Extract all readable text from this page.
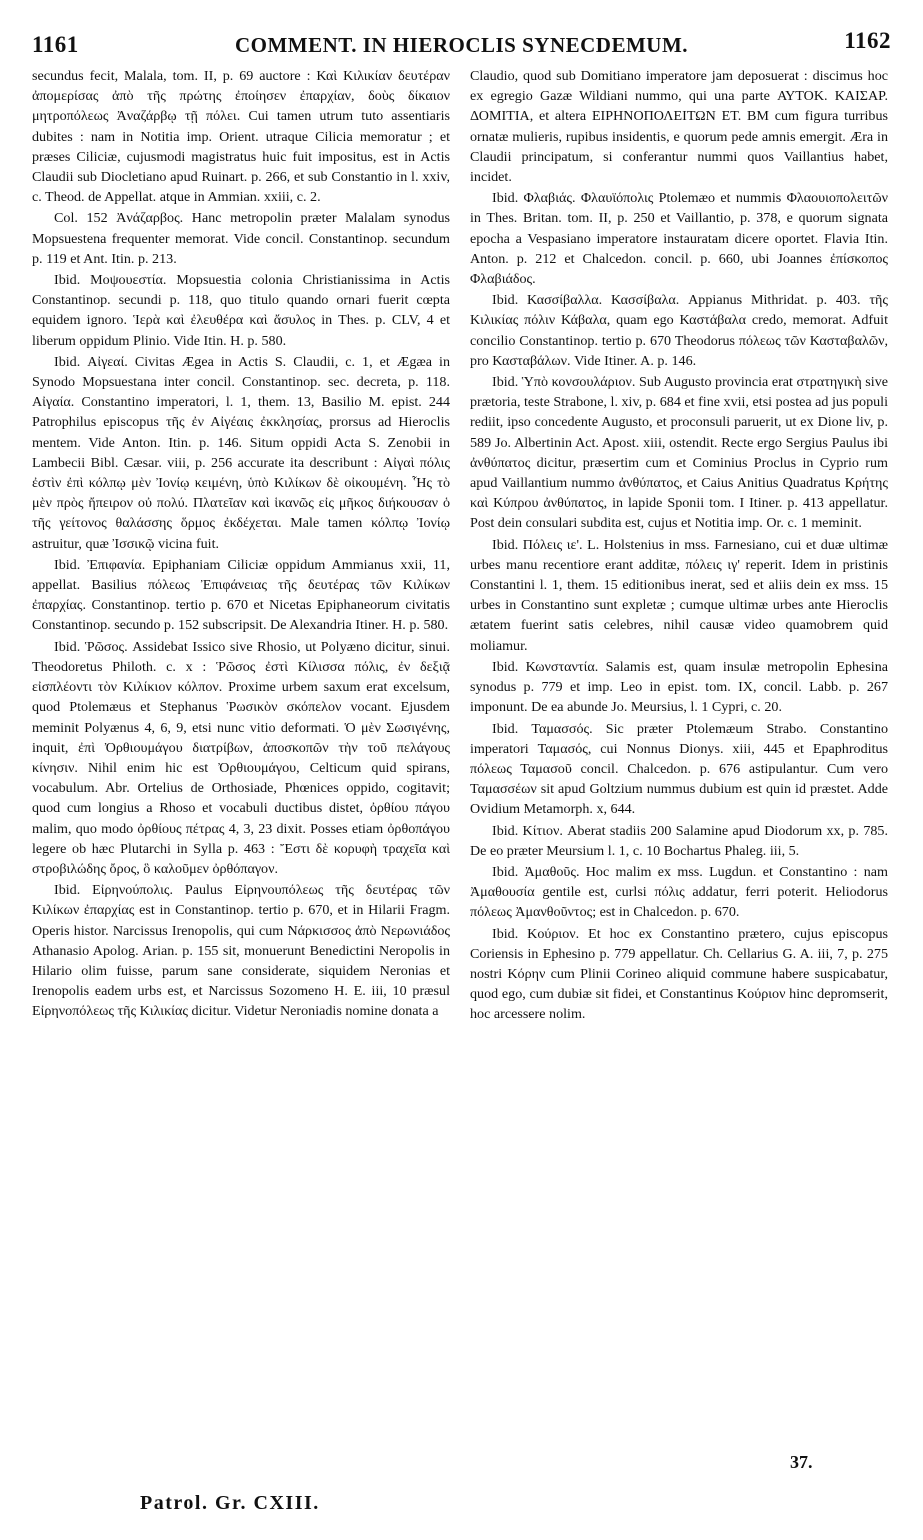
1161	COMMENT. IN HIEROCLIS SYNECDEMUM.	1162

secundus fecit, Malala, tom. II, p. 69 auctore : Καὶ Κιλικίαν δευτέραν ἀπομερίσας ἀπὸ τῆς πρώτης ἐποίησεν ἐπαρχίαν, δοὺς δίκαιον μητροπόλεως Ἀναζάρβῳ τῇ πόλει. Cui tamen utrum tuto assentiaris dubites : nam in Notitia imp. Orient. utraque Cilicia memoratur ; et præses Ciliciæ, cujusmodi magistratus huic fuit impositus, est in Actis Claudii sub Diocletiano apud Ruinart. p. 266, et sub Constantio in l. xxiv, c. Theod. de Appellat. atque in Ammian. xxiii, c. 2.

Col. 152 Ἀνάζαρβος. Hanc metropolin præter Malalam synodus Mopsuestena frequenter memorat. Vide concil. Constantinop. secundum p. 119 et Ant. Itin. p. 213.

Ibid. Μοψουεστία. Mopsuestia colonia Christianissima in Actis Constantinop. secundi p. 118, quo titulo quando ornari fuerit cœpta equidem ignoro. Ἱερὰ καὶ ἐλευθέρα καὶ ἄσυλος in Thes. p. CLV, 4 et liberum oppidum Plinio. Vide Itin. H. p. 580.

Ibid. Αἰγεαί. Civitas Ægea in Actis S. Claudii, c. 1, et Ægæa in Synodo Mopsuestana inter concil. Constantinop. sec. decreta, p. 118. Αἰγαία. Constantino imperatori, l. 1, them. 13, Basilio M. epist. 244 Patrophilus episcopus τῆς ἐν Αἰγέαις ἐκκλησίας, prorsus ad Hieroclis mentem. Vide Anton. Itin. p. 146. Situm oppidi Acta S. Zenobii in Lambecii Bibl. Cæsar. viii, p. 256 accurate ita describunt : Αἰγαὶ πόλις ἐστὶν ἐπὶ κόλπῳ μὲν Ἰονίῳ κειμένη, ὑπὸ Κιλίκων δὲ οἰκουμένη. Ἧς τὸ μὲν πρὸς ἤπειρον οὐ πολύ. Πλατεῖαν καὶ ἱκανῶς εἰς μῆκος διήκουσαν ὁ τῆς γείτονος θαλάσσης ὅρμος ἐκδέχεται. Male tamen κόλπῳ Ἰονίῳ astruitur, quæ Ἰσσικῷ vicina fuit.

Ibid. Ἐπιφανία. Epiphaniam Ciliciæ oppidum Ammianus xxii, 11, appellat. Basilius πόλεως Ἐπιφάνειας τῆς δευτέρας τῶν Κιλίκων ἐπαρχίας. Constantinop. tertio p. 670 et Nicetas Epiphaneorum civitatis Constantinop. secundo p. 152 subscripsit. De Alexandria Itiner. H. p. 580.

Ibid. Ῥῶσος. Assidebat Issico sive Rhosio, ut Polyæno dicitur, sinui. Theodoretus Philoth. c. x : Ῥῶσος ἐστὶ Κίλισσα πόλις, ἐν δεξιᾷ εἰσπλέοντι τὸν Κιλίκιον κόλπον. Proxime urbem saxum erat excelsum, quod Ptolemæus et Stephanus Ῥωσικὸν σκόπελον vocant. Ejusdem meminit Polyænus 4, 6, 9, etsi nunc vitio deformati. Ὁ μὲν Σωσιγένης, inquit, ἐπὶ Ὀρθιουμάγου διατρίβων, ἀποσκοπῶν τὴν τοῦ πελάγους κίνησιν. Nihil enim hic est Ὀρθιουμάγου, Celticum quid spirans, vocabulum. Abr. Ortelius de Orthosiade, Phœnices oppido, cogitavit; quod cum longius a Rhoso et vocabuli ductibus distet, ὀρθίου πάγου malim, quo modo ὀρθίους πέτρας 4, 3, 23 dixit. Posses etiam ὀρθοπάγου legere ob hæc Plutarchi in Sylla p. 463 : Ἔστι δὲ κορυφὴ τραχεῖα καὶ στροβιλώδης ὄρος, ὃ καλοῦμεν ὀρθόπαγον.

Ibid. Εἰρηνούπολις. Paulus Εἰρηνουπόλεως τῆς δευτέρας τῶν Κιλίκων ἐπαρχίας est in Constantinop. tertio p. 670, et in Hilarii Fragm. Operis histor. Narcissus Irenopolis, qui cum Νάρκισσος ἀπὸ Νερωνιάδος Athanasio Apolog. Arian. p. 155 sit, monuerunt Benedictini Neropolis in Hilario olim fuisse, parum sane considerate, siquidem Neronias et Irenopolis eadem urbs est, et Narcissus Sozomeno H. E. iii, 10 præsul Εἰρηνοπόλεως τῆς Κιλικίας dicitur. Videtur Neroniadis nomine donata a

Claudio, quod sub Domitiano imperatore jam deposuerat : discimus hoc ex egregio Gazæ Wildiani nummo, qui una parte ΑΥΤΟΚ. ΚΑΙΣΑΡ. ΔΟΜΙΤΙΑ, et altera ΕΙΡΗΝΟΠΟΛΕΙΤΩΝ ΕΤ. ΒΜ cum figura turribus ornatæ mulieris, rupibus insidentis, e quorum pede amnis emergit. Æra in Claudii principatum, si conferantur nummi quos Vaillantius habet, incidet.

Ibid. Φλαβιάς. Φλαυϊόπολις Ptolemæo et nummis Φλαουιοπολειτῶν in Thes. Britan. tom. II, p. 250 et Vaillantio, p. 378, e quorum signata epocha a Vespasiano imperatore instauratam dicere oportet. Flavia Itin. Anton. p. 212 et Chalcedon. concil. p. 660, ubi Joannes ἐπίσκοπος Φλαβιάδος.

Ibid. Κασσίβαλλα. Κασσίβαλα. Appianus Mithridat. p. 403. τῆς Κιλικίας πόλιν Κάβαλα, quam ego Καστάβαλα credo, memorat. Adfuit concilio Constantinop. tertio p. 670 Theodorus πόλεως τῶν Κασταβαλῶν, pro Κασταβάλων. Vide Itiner. A. p. 146.

Ibid. Ὑπὸ κονσουλάριον. Sub Augusto provincia erat στρατηγικὴ sive prætoria, teste Strabone, l. xiv, p. 684 et fine xvii, etsi postea ad jus populi rediit, ipso concedente Augusto, et proconsuli paruerit, ut ex Dione liv, p. 589 Jo. Albertinin Act. Apost. xiii, ostendit. Recte ergo Sergius Paulus ibi ἀνθύπατος dicitur, præsertim cum et Cominius Proclus in Cyprio rum apud Vaillantium nummo ἀνθύπατος, et Caius Anitius Quadratus Κρήτης καὶ Κύπρου ἀνθύπατος, in lapide Sponii tom. I Itiner. p. 413 appellatur. Post dein consulari subdita est, cujus et Notitia imp. Or. c. 1 meminit.

Ibid. Πόλεις ιε'. L. Holstenius in mss. Farnesiano, cui et duæ ultimæ urbes manu recentiore erant additæ, πόλεις ιγ' reperit. Idem in pristinis Constantini l. 1, them. 15 editionibus inerat, sed et aliis dein ex mss. 15 urbes in Constantino sunt expletæ ; cumque ultimæ urbes ante Hieroclis ætatem fuerint satis celebres, nihil causæ video quamobrem quid moliamur.

Ibid. Κωνσταντία. Salamis est, quam insulæ metropolin Ephesina synodus p. 779 et imp. Leo in epist. tom. IX, concil. Labb. p. 267 imponunt. De ea abunde Jo. Meursius, l. 1 Cypri, c. 20.

Ibid. Ταμασσός. Sic præter Ptolemæum Strabo. Constantino imperatori Ταμασός, cui Nonnus Dionys. xiii, 445 et Epaphroditus πόλεως Ταμασοῦ concil. Chalcedon. p. 676 astipulantur. Cum vero Ταμασσέων sit apud Goltzium nummus dubium est quin id præstet. Adde Ovidium Metamorph. x, 644.

Ibid. Κίτιον. Aberat stadiis 200 Salamine apud Diodorum xx, p. 785. De eo præter Meursium l. 1, c. 10 Bochartus Phaleg. iii, 5.

Ibid. Ἀμαθοῦς. Hoc malim ex mss. Lugdun. et Constantino : nam Ἀμαθουσία gentile est, curlsi πόλις addatur, ferri poterit. Heliodorus πόλεως Ἀμανθοῦντος; est in Chalcedon. p. 670.

Ibid. Κούριον. Et hoc ex Constantino prætero, cujus episcopus Coriensis in Ephesino p. 779 appellatur. Ch. Cellarius G. A. iii, 7, p. 275 nostri Κόρην cum Plinii Corineo aliquid commune habere suspicabatur, quod ego, cum dubiæ sit fidei, et Constantinus Κούριον hinc depromserit, hoc arcessere nolim.

Patrol. Gr. CXIII.
37.
